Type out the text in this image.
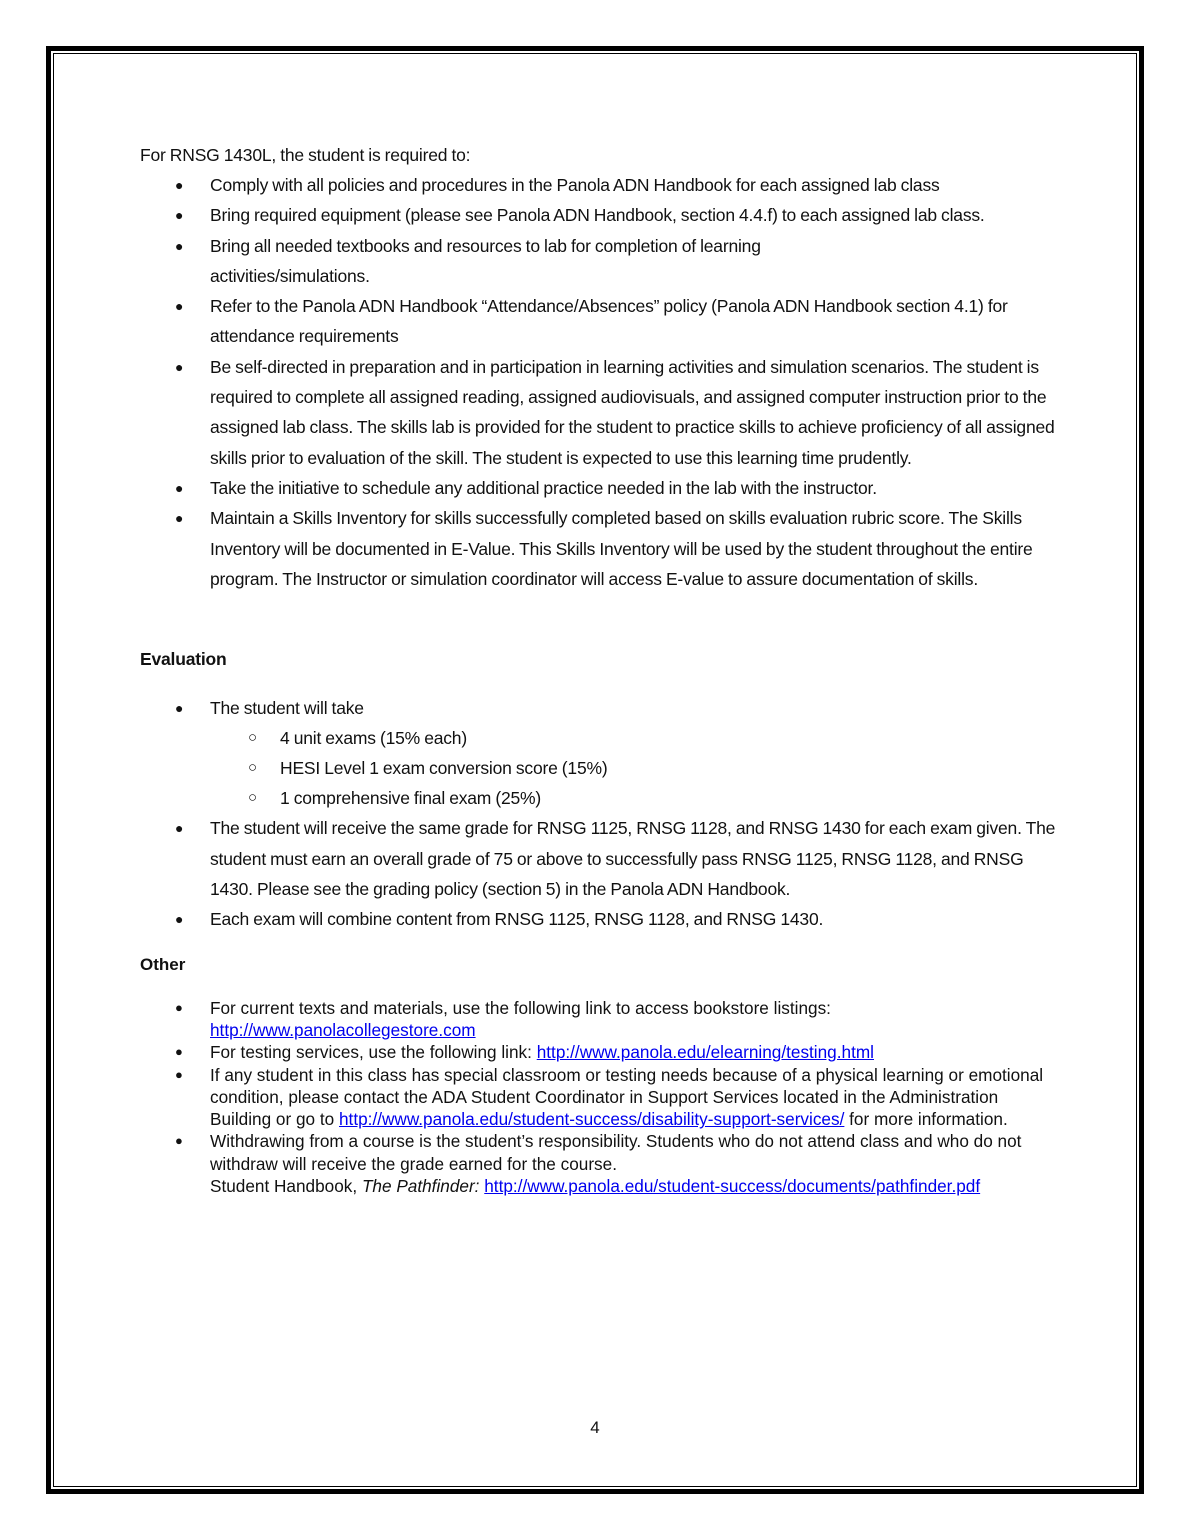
For RNSG 1430L, the student is required to:
● Comply with all policies and procedures in the Panola ADN Handbook for each assigned lab class
● Bring required equipment (please see Panola ADN Handbook, section 4.4.f) to each assigned lab class.
● Bring all needed textbooks and resources to lab for completion of learning activities/simulations.
● Refer to the Panola ADN Handbook “Attendance/Absences” policy (Panola ADN Handbook section 4.1) for attendance requirements
● Be self-directed in preparation and in participation in learning activities and simulation scenarios. The student is required to complete all assigned reading, assigned audiovisuals, and assigned computer instruction prior to the assigned lab class. The skills lab is provided for the student to practice skills to achieve proficiency of all assigned skills prior to evaluation of the skill. The student is expected to use this learning time prudently.
● Take the initiative to schedule any additional practice needed in the lab with the instructor.
● Maintain a Skills Inventory for skills successfully completed based on skills evaluation rubric score. The Skills Inventory will be documented in E-Value. This Skills Inventory will be used by the student throughout the entire program. The Instructor or simulation coordinator will access E-value to assure documentation of skills.
Evaluation
● The student will take
○ 4 unit exams (15% each)
○ HESI Level 1 exam conversion score (15%)
○ 1 comprehensive final exam (25%)
● The student will receive the same grade for RNSG 1125, RNSG 1128, and RNSG 1430 for each exam given. The student must earn an overall grade of 75 or above to successfully pass RNSG 1125, RNSG 1128, and RNSG 1430. Please see the grading policy (section 5) in the Panola ADN Handbook.
● Each exam will combine content from RNSG 1125, RNSG 1128, and RNSG 1430.
Other
● For current texts and materials, use the following link to access bookstore listings:
http://www.panolacollegestore.com
● For testing services, use the following link: http://www.panola.edu/elearning/testing.html
● If any student in this class has special classroom or testing needs because of a physical learning or emotional condition, please contact the ADA Student Coordinator in Support Services located in the Administration Building or go to http://www.panola.edu/student-success/disability-support-services/ for more information.
● Withdrawing from a course is the student’s responsibility. Students who do not attend class and who do not withdraw will receive the grade earned for the course.
Student Handbook, The Pathfinder: http://www.panola.edu/student-success/documents/pathfinder.pdf
4
